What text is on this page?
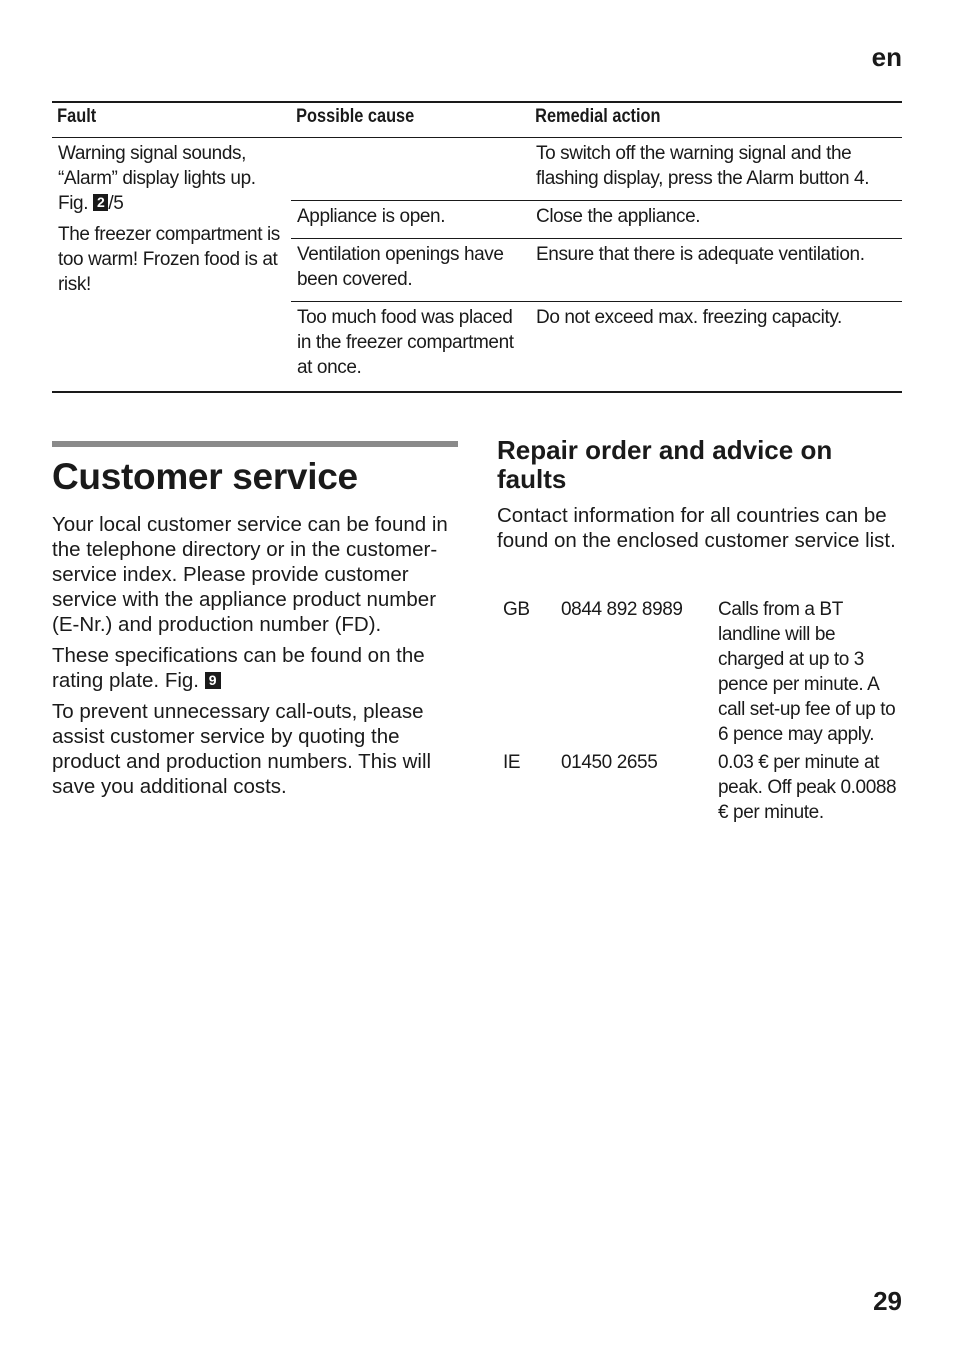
en
Fault	Possible cause	Remedial action

Warning signal sounds, “Alarm” display lights up. Fig. 2 /5
The freezer compartment is too warm! Frozen food is at risk!		To switch off the warning signal and the flashing display, press the Alarm button 4.
	Appliance is open.	Close the appliance.
	Ventilation openings have been covered.	Ensure that there is adequate ventilation.
	Too much food was placed in the freezer compartment at once.	Do not exceed max. freezing capacity.
Customer service

Your local customer service can be found in the telephone directory or in the customer-service index. Please provide customer service with the appliance product number (E-Nr.) and production number (FD).

These specifications can be found on the rating plate. Fig. 9

To prevent unnecessary call-outs, please assist customer service by quoting the product and production numbers. This will save you additional costs.

Repair order and advice on faults

Contact information for all countries can be found on the enclosed customer service list.

GB	0844 892 8989	Calls from a BT landline will be charged at up to 3 pence per minute. A call set-up fee of up to 6 pence may apply.
IE	01450 2655	0.03 € per minute at peak. Off peak 0.0088 € per minute.
29
